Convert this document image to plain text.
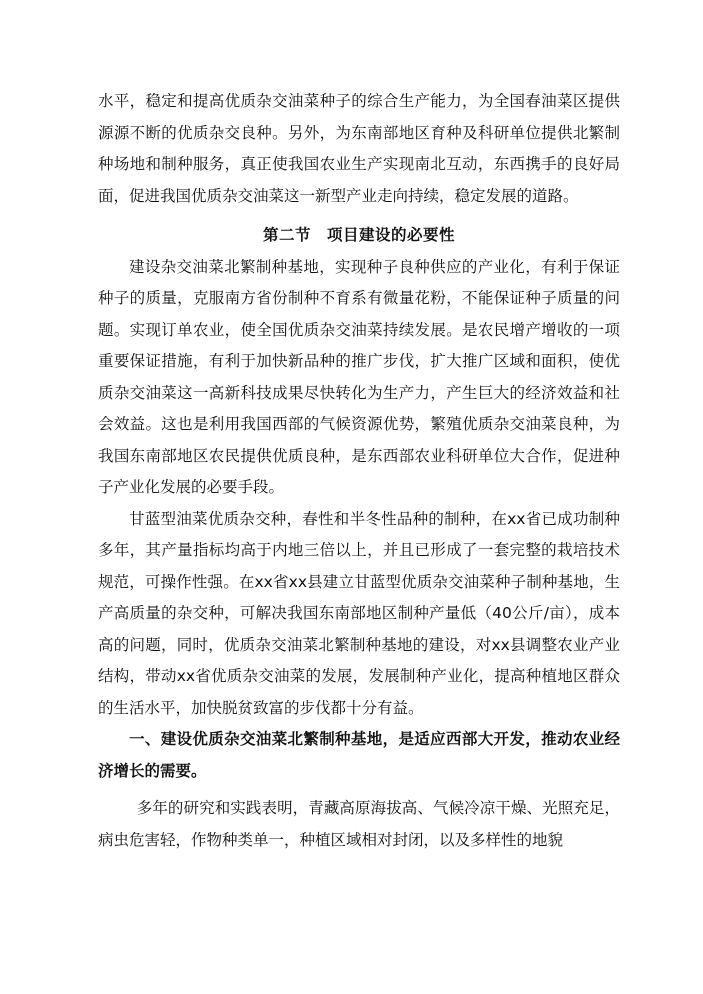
水平，稳定和提高优质杂交油菜种子的综合生产能力，为全国春油菜区提供源源不断的优质杂交良种。另外，为东南部地区育种及科研单位提供北繁制种场地和制种服务，真正使我国农业生产实现南北互动，东西携手的良好局面，促进我国优质杂交油菜这一新型产业走向持续，稳定发展的道路。

第二节　项目建设的必要性

建设杂交油菜北繁制种基地，实现种子良种供应的产业化，有利于保证种子的质量，克服南方省份制种不育系有微量花粉，不能保证种子质量的问题。实现订单农业，使全国优质杂交油菜持续发展。是农民增产增收的一项重要保证措施，有利于加快新品种的推广步伐，扩大推广区域和面积，使优质杂交油菜这一高新科技成果尽快转化为生产力，产生巨大的经济效益和社会效益。这也是利用我国西部的气候资源优势，繁殖优质杂交油菜良种，为我国东南部地区农民提供优质良种，是东西部农业科研单位大合作，促进种子产业化发展的必要手段。

甘蓝型油菜优质杂交种，春性和半冬性品种的制种，在xx省已成功制种多年，其产量指标均高于内地三倍以上，并且已形成了一套完整的栽培技术规范，可操作性强。在xx省xx县建立甘蓝型优质杂交油菜种子制种基地，生产高质量的杂交种，可解决我国东南部地区制种产量低（40公斤/亩），成本高的问题，同时，优质杂交油菜北繁制种基地的建设，对xx县调整农业产业结构，带动xx省优质杂交油菜的发展，发展制种产业化，提高种植地区群众的生活水平，加快脱贫致富的步伐都十分有益。

一、建设优质杂交油菜北繁制种基地，是适应西部大开发，推动农业经济增长的需要。

多年的研究和实践表明，青藏高原海拔高、气候冷凉干燥、光照充足，病虫危害轻，作物种类单一，种植区域相对封闭，以及多样性的地貌
